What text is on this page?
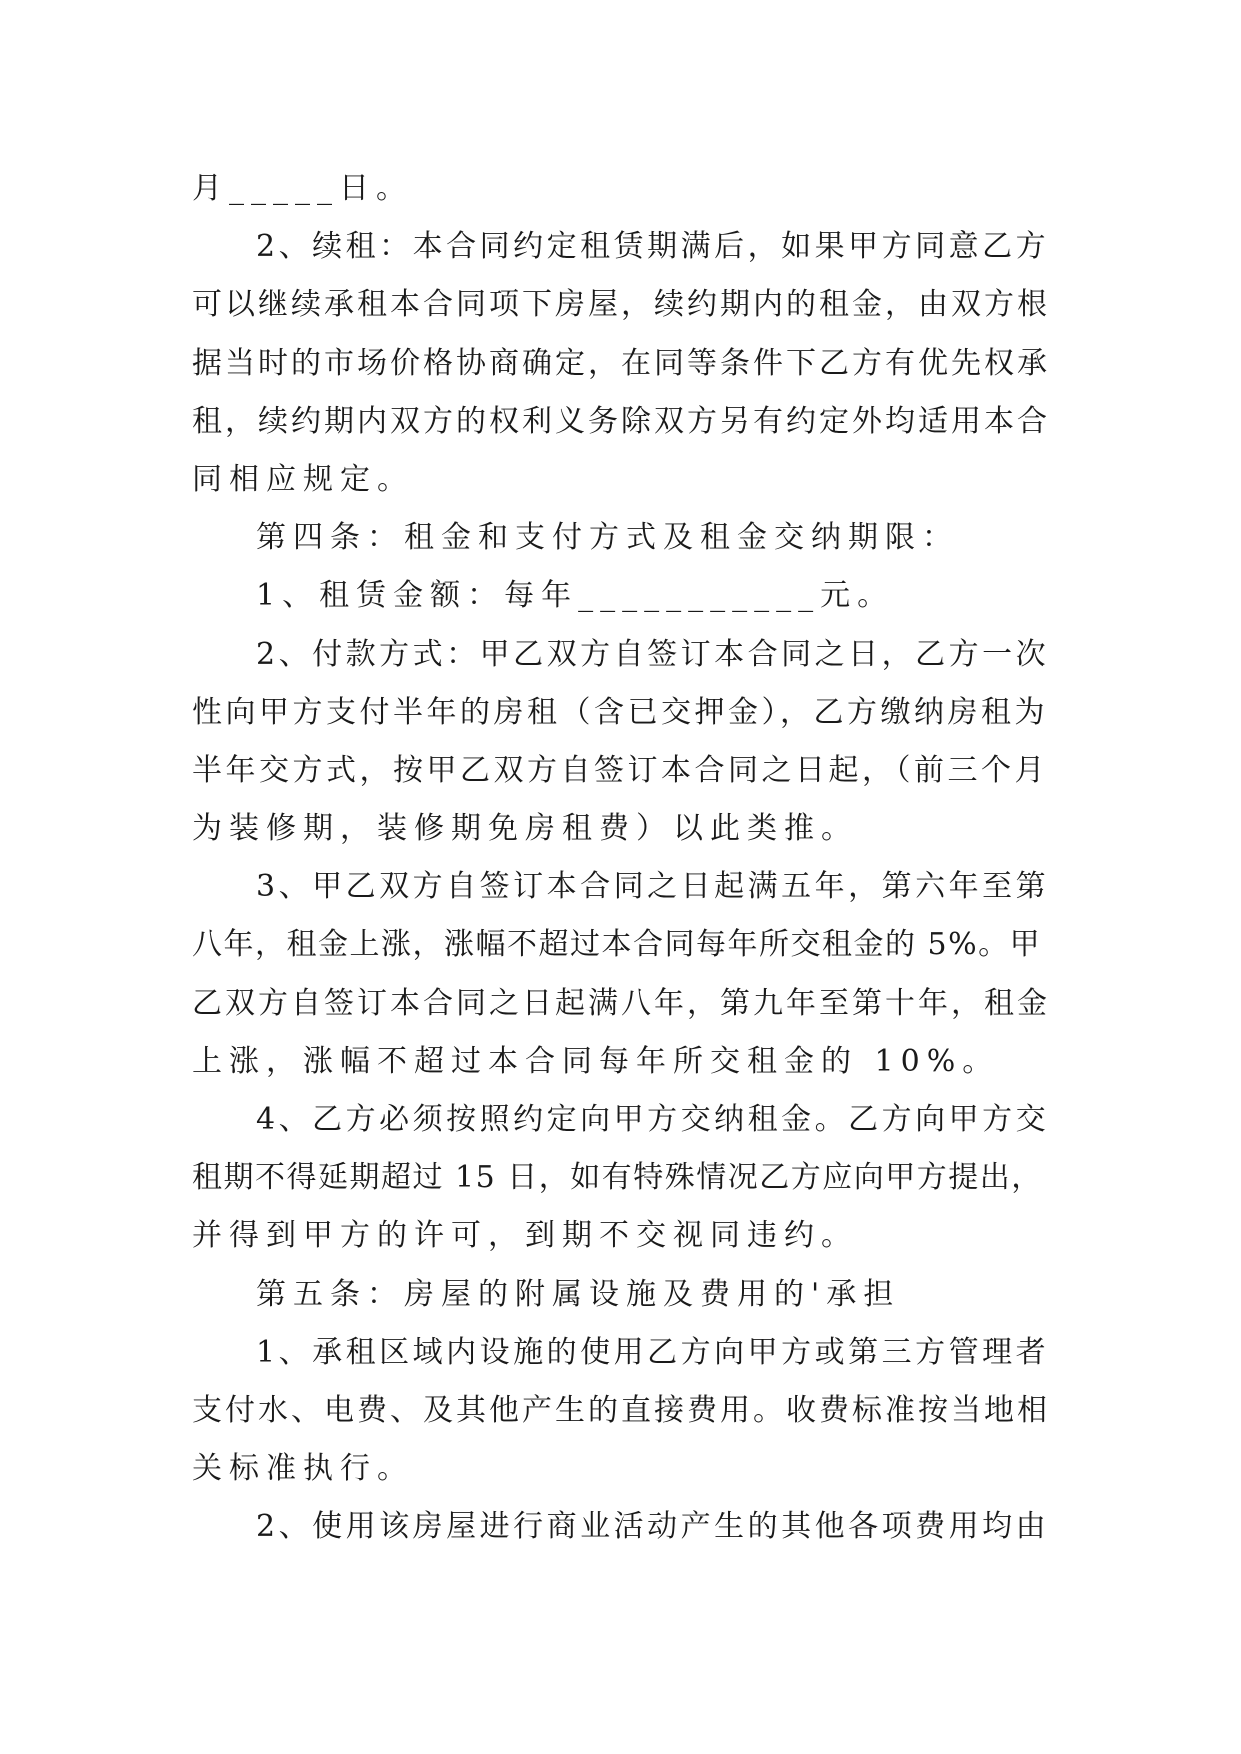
月_____日。
2、续租：本合同约定租赁期满后，如果甲方同意乙方
可以继续承租本合同项下房屋，续约期内的租金，由双方根
据当时的市场价格协商确定，在同等条件下乙方有优先权承
租，续约期内双方的权利义务除双方另有约定外均适用本合
同相应规定。
第四条：租金和支付方式及租金交纳期限：
1、租赁金额：每年___________元。
2、付款方式：甲乙双方自签订本合同之日，乙方一次
性向甲方支付半年的房租（含已交押金），乙方缴纳房租为
半年交方式，按甲乙双方自签订本合同之日起，（前三个月
为装修期，装修期免房租费）以此类推。
3、甲乙双方自签订本合同之日起满五年，第六年至第
八年，租金上涨，涨幅不超过本合同每年所交租金的 5%。甲
乙双方自签订本合同之日起满八年，第九年至第十年，租金
上涨，涨幅不超过本合同每年所交租金的 10%。
4、乙方必须按照约定向甲方交纳租金。乙方向甲方交
租期不得延期超过 15 日，如有特殊情况乙方应向甲方提出，
并得到甲方的许可，到期不交视同违约。
第五条：房屋的附属设施及费用的'承担
1、承租区域内设施的使用乙方向甲方或第三方管理者
支付水、电费、及其他产生的直接费用。收费标准按当地相
关标准执行。
2、使用该房屋进行商业活动产生的其他各项费用均由
